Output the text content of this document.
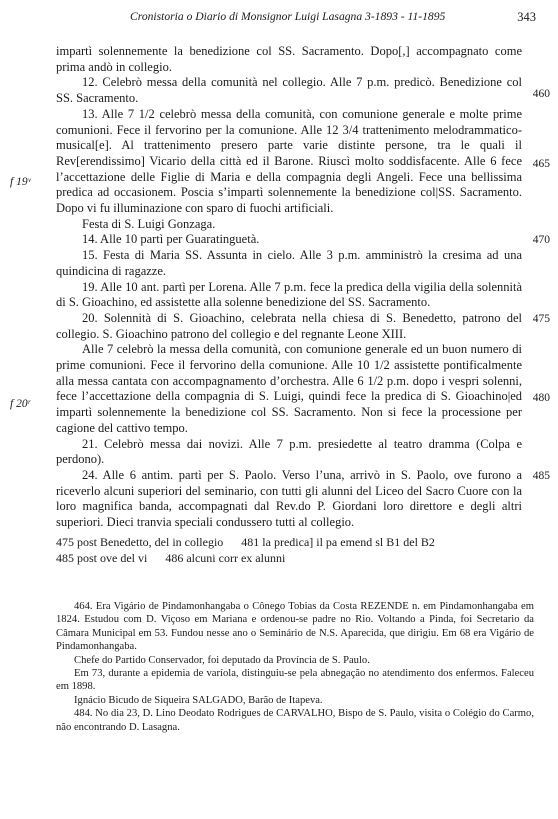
Cronistoria o Diario di Monsignor Luigi Lasagna 3-1893 - 11-1895	343
460
465
470
475
480
485
f 19ᵛ
f 20ʳ

impartì solennemente la benedizione col SS. Sacramento. Dopo[,] accompagnato come prima andò in collegio.

12. Celebrò messa della comunità nel collegio. Alle 7 p.m. predicò. Benedizione col SS. Sacramento.

13. Alle 7 1/2 celebrò messa della comunità, con comunione generale e molte prime comunioni. Fece il fervorino per la comunione. Alle 12 3/4 trattenimento melodrammatico-musical[e]. Al trattenimento presero parte varie distinte persone, tra le quali il Rev[erendissimo] Vicario della città ed il Barone. Riuscì molto soddisfacente. Alle 6 fece l’accettazione delle Figlie di Maria e della compagnia degli Angeli. Fece una bellissima predica ad occasionem. Poscia s’impartì solennemente la benedizione col|SS. Sacramento. Dopo vi fu illuminazione con sparo di fuochi artificiali.

Festa di S. Luigi Gonzaga.

14. Alle 10 partì per Guaratinguetà.

15. Festa di Maria SS. Assunta in cielo. Alle 3 p.m. amministrò la cresima ad una quindicina di ragazze.

19. Alle 10 ant. partì per Lorena. Alle 7 p.m. fece la predica della vigilia della solennità di S. Gioachino, ed assistette alla solenne benedizione del SS. Sacramento.

20. Solennità di S. Gioachino, celebrata nella chiesa di S. Benedetto, patrono del collegio. S. Gioachino patrono del collegio e del regnante Leone XIII.

Alle 7 celebrò la messa della comunità, con comunione generale ed un buon numero di prime comunioni. Fece il fervorino della comunione. Alle 10 1/2 assistette pontificalmente alla messa cantata con accompagnamento d’orchestra. Alle 6 1/2 p.m. dopo i vespri solenni, fece l’accettazione della compagnia di S. Luigi, quindi fece la predica di S. Gioachino|ed impartì solennemente la benedizione col SS. Sacramento. Non si fece la processione per cagione del cattivo tempo.

21. Celebrò messa dai novizi. Alle 7 p.m. presiedette al teatro dramma (Colpa e perdono).

24. Alle 6 antim. partì per S. Paolo. Verso l’una, arrivò in S. Paolo, ove furono a riceverlo alcuni superiori del seminario, con tutti gli alunni del Liceo del Sacro Cuore con la loro magnifica banda, accompagnati dal Rev.do P. Giordani loro direttore e degli altri superiori. Dieci tranvia speciali condussero tutti al collegio.

475 post Benedetto, del in collegio      481 la predica] il pa emend sl B1 del B2
485 post ove del vi      486 alcuni corr ex alunni

464. Era Vigário de Pindamonhangaba o Cônego Tobias da Costa REZENDE n. em Pindamonhangaba em 1824. Estudou com D. Viçoso em Mariana e ordenou-se padre no Rio. Voltando a Pinda, foi Secretario da Câmara Municipal em 53. Fundou nesse ano o Seminário de N.S. Aparecida, que dirigiu. Em 68 era Vigário de Pindamonhangaba.

Chefe do Partido Conservador, foi deputado da Província de S. Paulo.

Em 73, durante a epidemia de varíola, distinguiu-se pela abnegação no atendimento dos enfermos. Faleceu em 1898.

Ignácio Bicudo de Siqueira SALGADO, Barão de Itapeva.

484. No dia 23, D. Lino Deodato Rodrigues de CARVALHO, Bispo de S. Paulo, visita o Colégio do Carmo, não encontrando D. Lasagna.
